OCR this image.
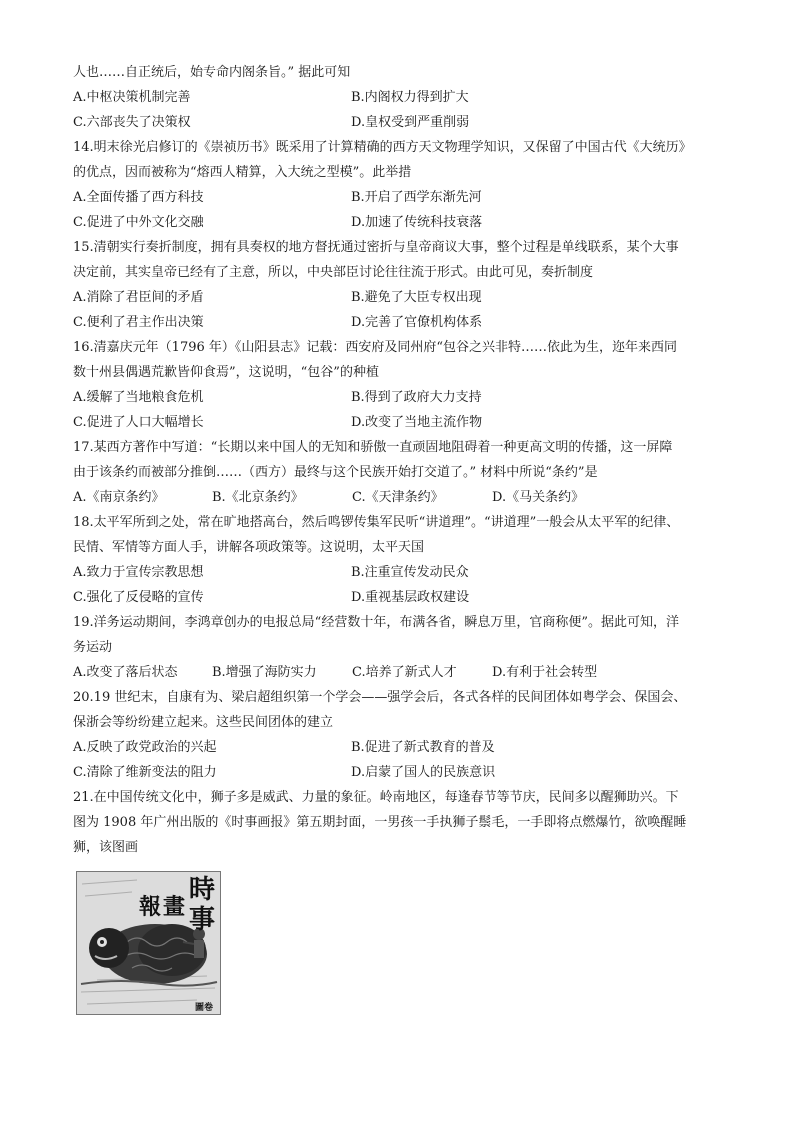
人也……自正统后，始专命内阁条旨。” 据此可知
A.中枢决策机制完善	B.内阁权力得到扩大
C.六部丧失了决策权	D.皇权受到严重削弱
14.明末徐光启修订的《崇祯历书》既采用了计算精确的西方天文物理学知识，又保留了中国古代《大统历》
的优点，因而被称为“熔西人精算，入大统之型模”。此举措
A.全面传播了西方科技	B.开启了西学东渐先河
C.促进了中外文化交融	D.加速了传统科技衰落
15.清朝实行奏折制度，拥有具奏权的地方督抚通过密折与皇帝商议大事，整个过程是单线联系，某个大事
决定前，其实皇帝已经有了主意，所以，中央部臣讨论往往流于形式。由此可见，奏折制度
A.消除了君臣间的矛盾	B.避免了大臣专权出现
C.便利了君主作出决策	D.完善了官僚机构体系
16.清嘉庆元年（1796 年）《山阳县志》记载：西安府及同州府“包谷之兴非特……依此为生，迩年来西同
数十州县偶遇荒歉皆仰食焉”，这说明，“包谷”的种植
A.缓解了当地粮食危机	B.得到了政府大力支持
C.促进了人口大幅增长	D.改变了当地主流作物
17.某西方著作中写道：“长期以来中国人的无知和骄傲一直顽固地阻碍着一种更高文明的传播，这一屏障
由于该条约而被部分推倒……（西方）最终与这个民族开始打交道了。” 材料中所说“条约”是
A.《南京条约》	B.《北京条约》	C.《天津条约》	D.《马关条约》
18.太平军所到之处，常在旷地搭高台，然后鸣锣传集军民听“讲道理”。“讲道理”一般会从太平军的纪律、
民情、军情等方面人手，讲解各项政策等。这说明，太平天国
A.致力于宣传宗教思想	B.注重宣传发动民众
C.强化了反侵略的宣传	D.重视基层政权建设
19.洋务运动期间，李鸿章创办的电报总局“经营数十年，布满各省，瞬息万里，官商称便”。据此可知，洋
务运动
A.改变了落后状态	B.增强了海防实力	C.培养了新式人才	D.有利于社会转型
20.19 世纪末，自康有为、梁启超组织第一个学会——强学会后，各式各样的民间团体如粤学会、保国会、
保浙会等纷纷建立起来。这些民间团体的建立
A.反映了政党政治的兴起	B.促进了新式教育的普及
C.清除了维新变法的阻力	D.启蒙了国人的民族意识
21.在中国传统文化中，狮子多是威武、力量的象征。岭南地区，每逢春节等节庆，民间多以醒狮助兴。下
图为 1908 年广州出版的《时事画报》第五期封面，一男孩一手执狮子鬃毛，一手即将点燃爆竹，欲唤醒睡
狮，该图画
時
事
畫
報
圖卷
